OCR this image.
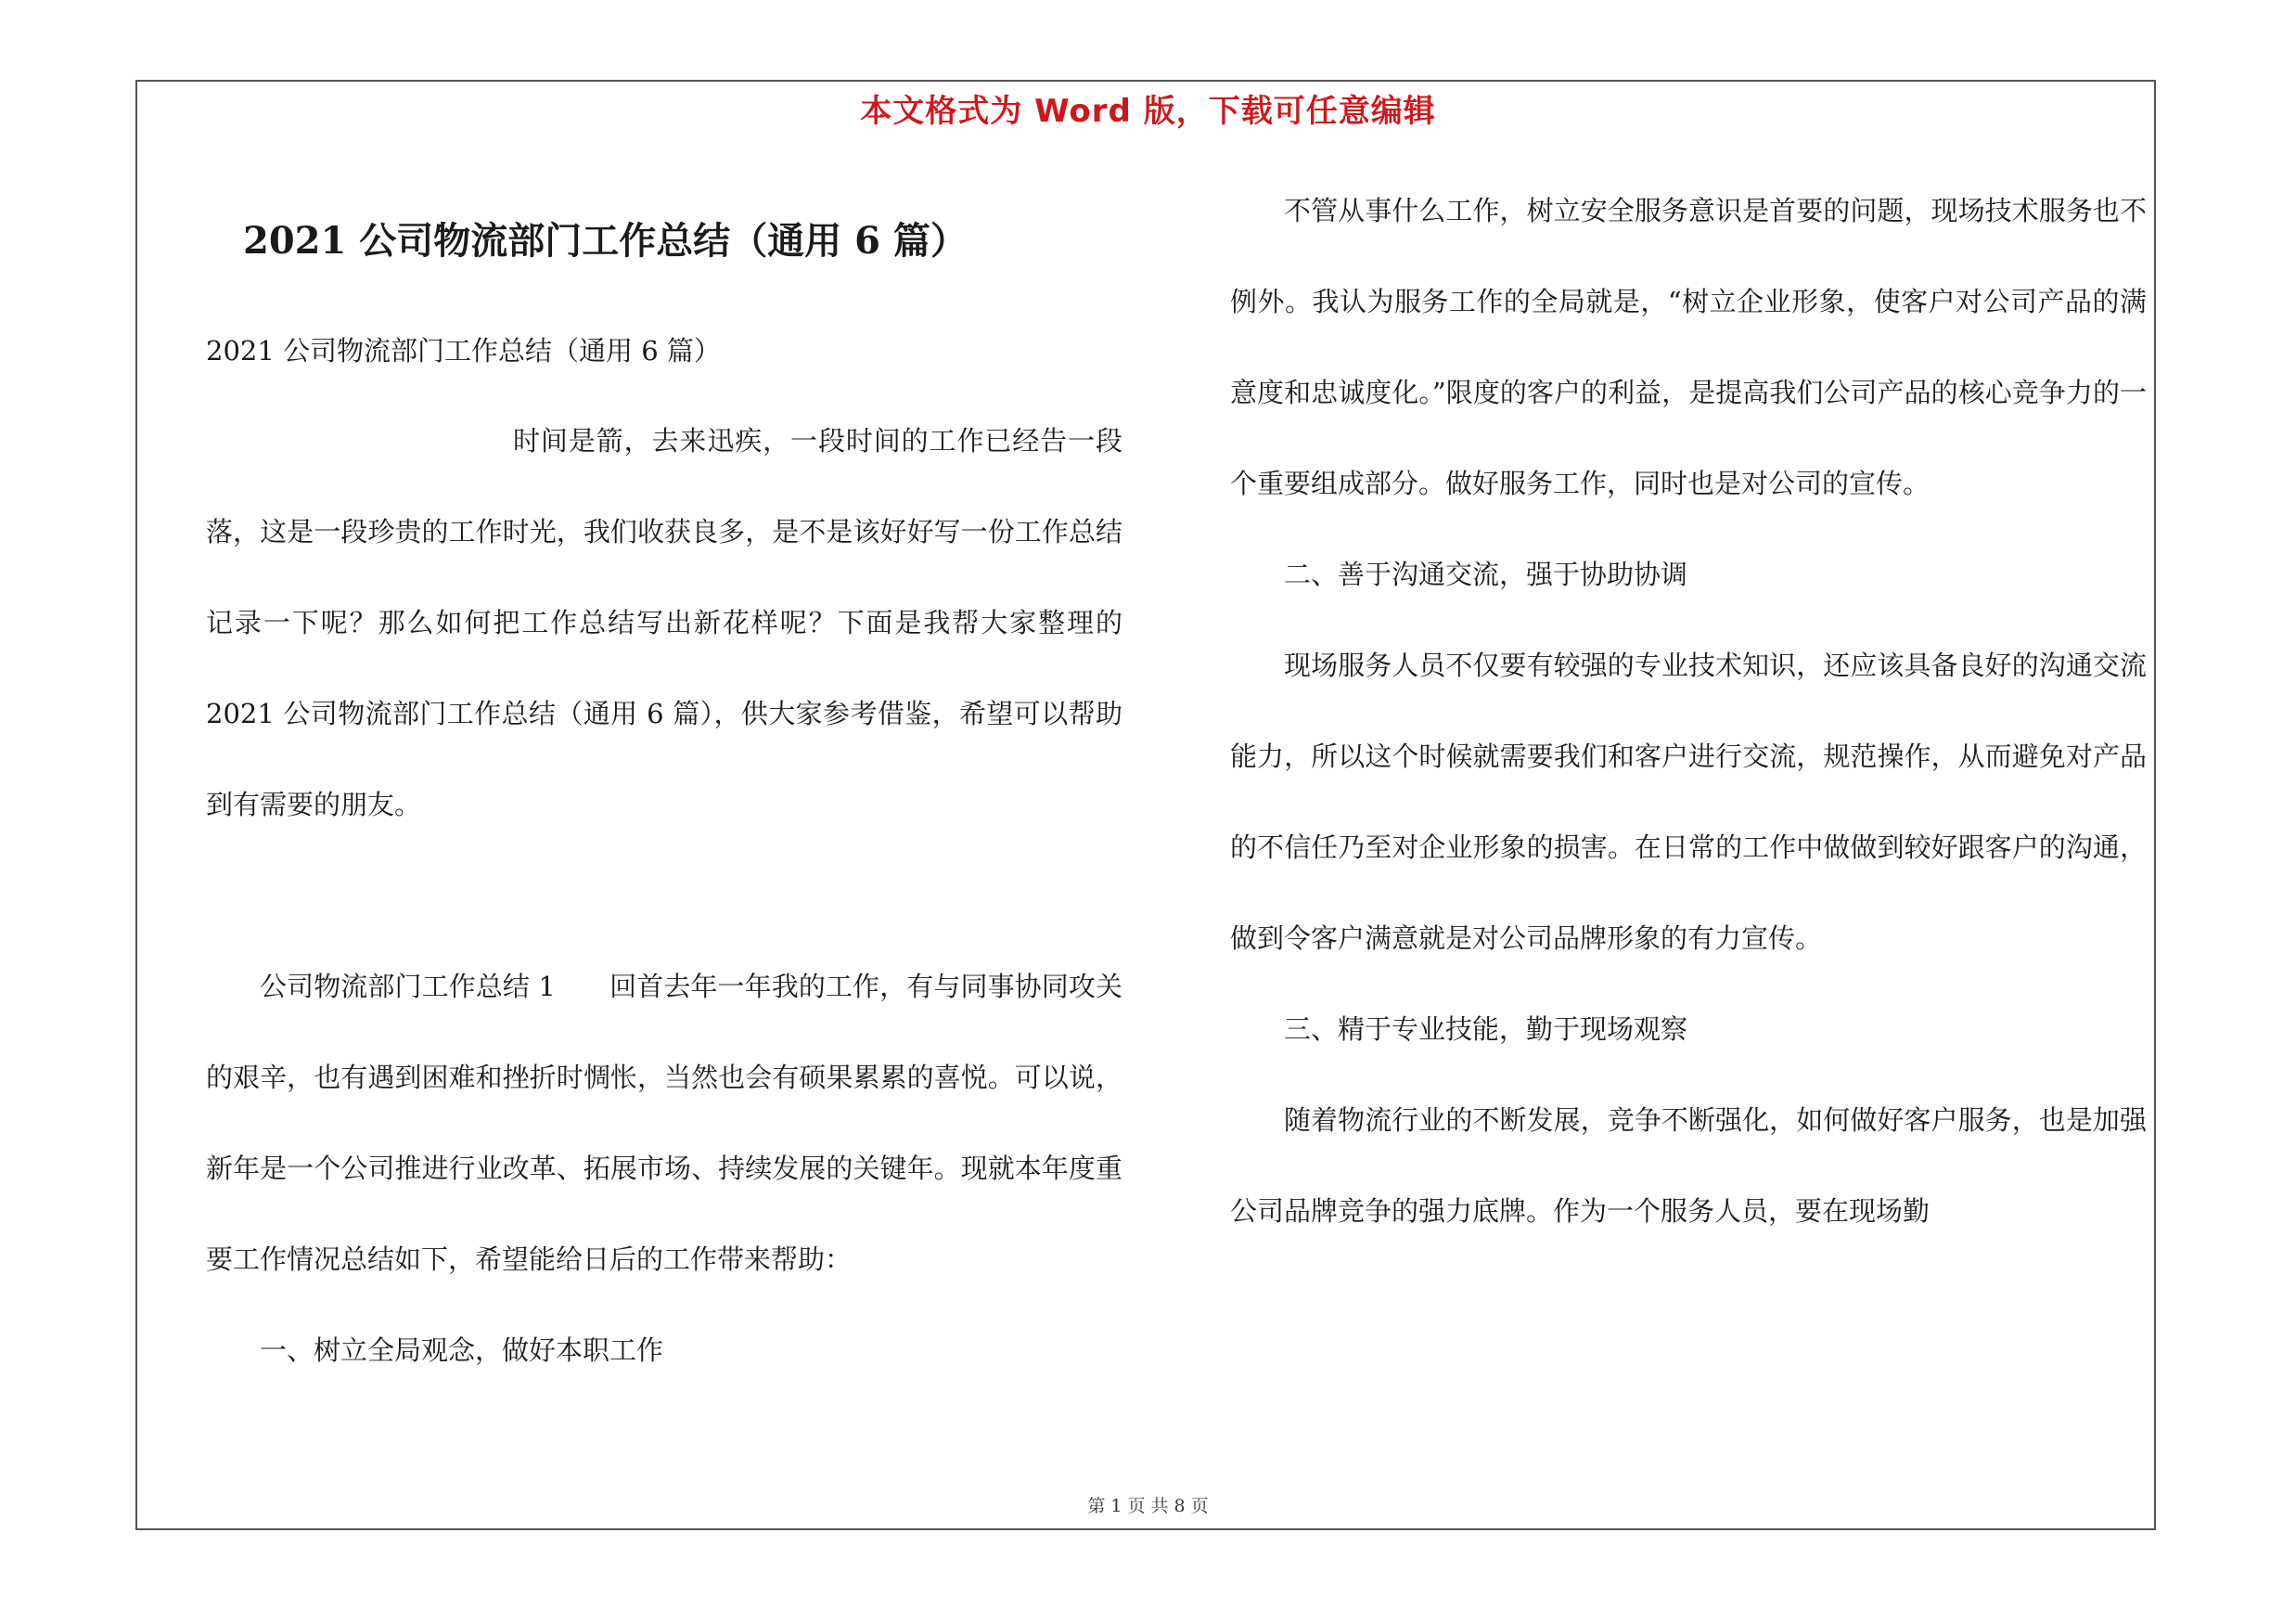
本文格式为 Word 版，下载可任意编辑
2021 公司物流部门工作总结（通用 6 篇）
2021 公司物流部门工作总结（通用 6 篇）

时间是箭，去来迅疾，一段时间的工作已经告一段落，这是一段珍贵的工作时光，我们收获良多，是不是该好好写一份工作总结记录一下呢？那么如何把工作总结写出新花样呢？下面是我帮大家整理的 2021 公司物流部门工作总结（通用 6 篇），供大家参考借鉴，希望可以帮助到有需要的朋友。

公司物流部门工作总结 1　　回首去年一年我的工作，有与同事协同攻关的艰辛，也有遇到困难和挫折时惆怅，当然也会有硕果累累的喜悦。可以说，新年是一个公司推进行业改革、拓展市场、持续发展的关键年。现就本年度重要工作情况总结如下，希望能给日后的工作带来帮助：

一、树立全局观念，做好本职工作

不管从事什么工作，树立安全服务意识是首要的问题，现场技术服务也不例外。我认为服务工作的全局就是，“树立企业形象，使客户对公司产品的满意度和忠诚度化。”限度的客户的利益，是提高我们公司产品的核心竞争力的一个重要组成部分。做好服务工作，同时也是对公司的宣传。

二、善于沟通交流，强于协助协调

现场服务人员不仅要有较强的专业技术知识，还应该具备良好的沟通交流能力，所以这个时候就需要我们和客户进行交流，规范操作，从而避免对产品的不信任乃至对企业形象的损害。在日常的工作中做做到较好跟客户的沟通，做到令客户满意就是对公司品牌形象的有力宣传。

三、精于专业技能，勤于现场观察

随着物流行业的不断发展，竞争不断强化，如何做好客户服务，也是加强公司品牌竞争的强力底牌。作为一个服务人员，要在现场勤

第 1 页 共 8 页
